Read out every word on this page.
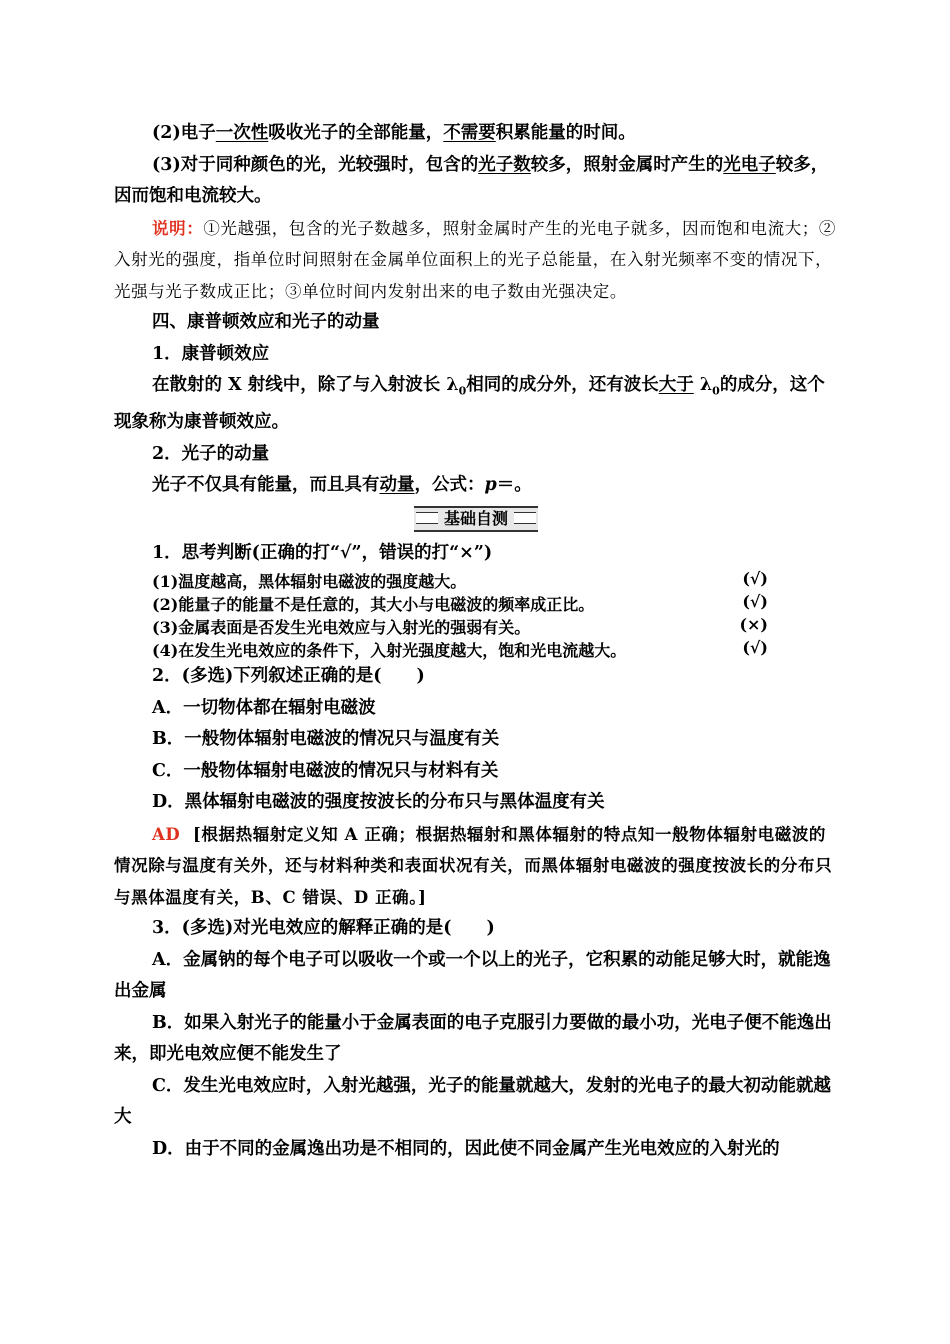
(2)电子一次性吸收光子的全部能量，不需要积累能量的时间。

(3)对于同种颜色的光，光较强时，包含的光子数较多，照射金属时产生的光电子较多，因而饱和电流较大。

说明：①光越强，包含的光子数越多，照射金属时产生的光电子就多，因而饱和电流大；②入射光的强度，指单位时间照射在金属单位面积上的光子总能量，在入射光频率不变的情况下，光强与光子数成正比；③单位时间内发射出来的电子数由光强决定。

四、康普顿效应和光子的动量

1．康普顿效应

在散射的 X 射线中，除了与入射波长 $\lambda_0$相同的成分外，还有波长大于 $\lambda_0$的成分，这个现象称为康普顿效应。

2．光子的动量

光子不仅具有能量，而且具有动量，公式：p＝。

基础自测

1．思考判断(正确的打“√”，错误的打“×”)

(1)温度越高，黑体辐射电磁波的强度越大。	(√)
(2)能量子的能量不是任意的，其大小与电磁波的频率成正比。	(√)
(3)金属表面是否发生光电效应与入射光的强弱有关。	(×)
(4)在发生光电效应的条件下，入射光强度越大，饱和光电流越大。	(√)

2．(多选)下列叙述正确的是(　　)

A．一切物体都在辐射电磁波

B．一般物体辐射电磁波的情况只与温度有关

C．一般物体辐射电磁波的情况只与材料有关

D．黑体辐射电磁波的强度按波长的分布只与黑体温度有关

AD [根据热辐射定义知 A 正确；根据热辐射和黑体辐射的特点知一般物体辐射电磁波的情况除与温度有关外，还与材料种类和表面状况有关，而黑体辐射电磁波的强度按波长的分布只与黑体温度有关，B、C 错误、D 正确。]

3．(多选)对光电效应的解释正确的是(　　)

A．金属钠的每个电子可以吸收一个或一个以上的光子，它积累的动能足够大时，就能逸出金属

B．如果入射光子的能量小于金属表面的电子克服引力要做的最小功，光电子便不能逸出来，即光电效应便不能发生了

C．发生光电效应时，入射光越强，光子的能量就越大，发射的光电子的最大初动能就越大

D．由于不同的金属逸出功是不相同的，因此使不同金属产生光电效应的入射光的
